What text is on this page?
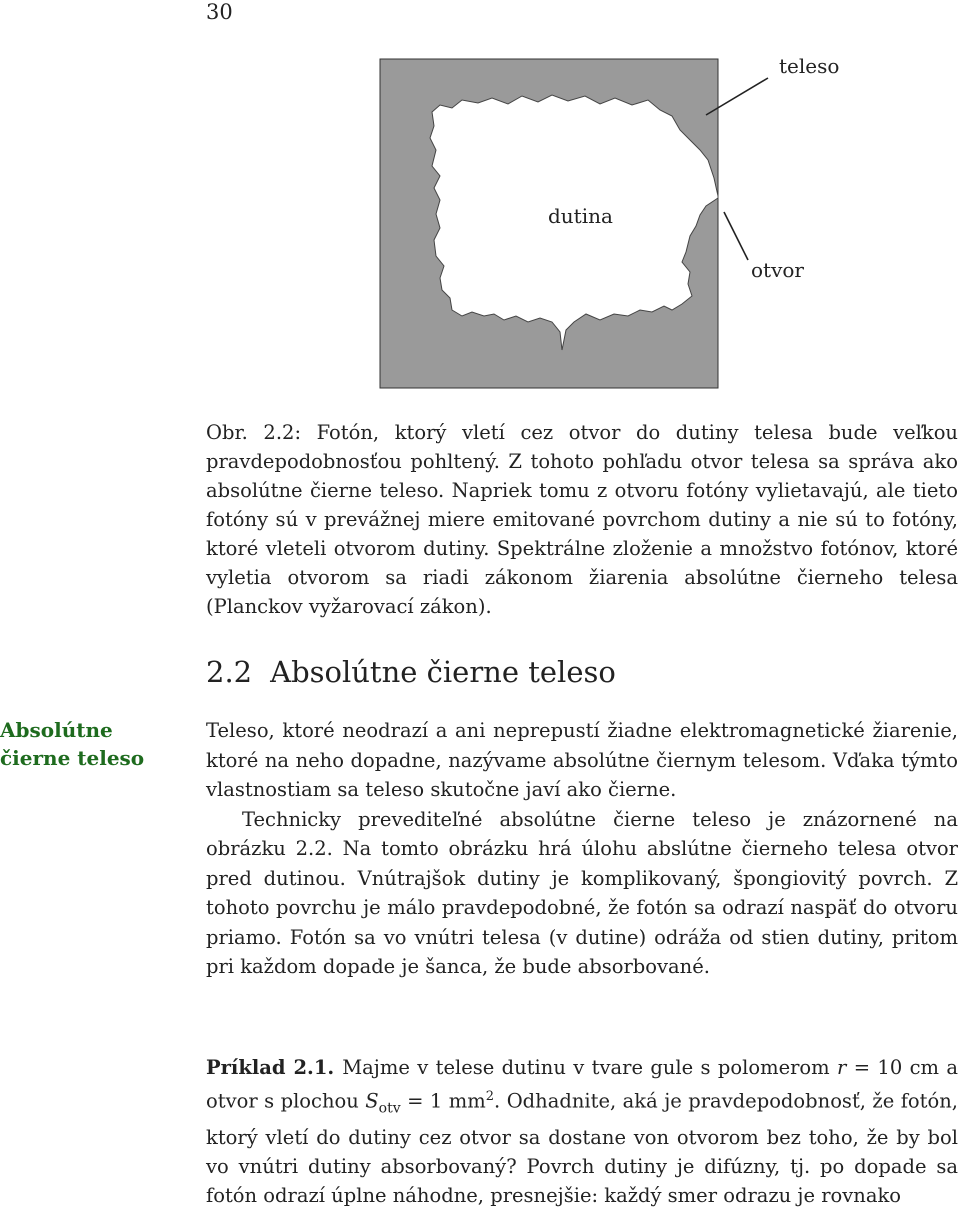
30
teleso
dutina
otvor
Obr. 2.2: Fotón, ktorý vletí cez otvor do dutiny telesa bude veľkou pravdepodobnosťou pohltený. Z tohoto pohľadu otvor telesa sa správa ako absolútne čierne teleso. Napriek tomu z otvoru fotóny vylietavajú, ale tieto fotóny sú v prevážnej miere emitované povrchom dutiny a nie sú to fotóny, ktoré vleteli otvorom dutiny. Spektrálne zloženie a množstvo fotónov, ktoré vyletia otvorom sa riadi zákonom žiarenia absolútne čierneho telesa (Planckov vyžarovací zákon).
2.2 Absolútne čierne teleso
Absolútne čierne teleso

Teleso, ktoré neodrazí a ani neprepustí žiadne elektromagnetické žiarenie, ktoré na neho dopadne, nazývame absolútne čiernym telesom. Vďaka týmto vlastnostiam sa teleso skutočne javí ako čierne.

Technicky prevediteľné absolútne čierne teleso je znázornené na obrázku 2.2. Na tomto obrázku hrá úlohu abslútne čierneho telesa otvor pred dutinou. Vnútrajšok dutiny je komplikovaný, špongiovitý povrch. Z tohoto povrchu je málo pravdepodobné, že fotón sa odrazí naspäť do otvoru priamo. Fotón sa vo vnútri telesa (v dutine) odráža od stien dutiny, pritom pri každom dopade je šanca, že bude absorbované.

Príklad 2.1. Majme v telese dutinu v tvare gule s polomerom r = 10 cm a otvor s plochou $S_{otv} = 1$ $mm^2$. Odhadnite, aká je pravdepodobnosť, že fotón, ktorý vletí do dutiny cez otvor sa dostane von otvorom bez toho, že by bol vo vnútri dutiny absorbovaný? Povrch dutiny je difúzny, tj. po dopade sa fotón odrazí úplne náhodne, presnejšie: každý smer odrazu je rovnako
